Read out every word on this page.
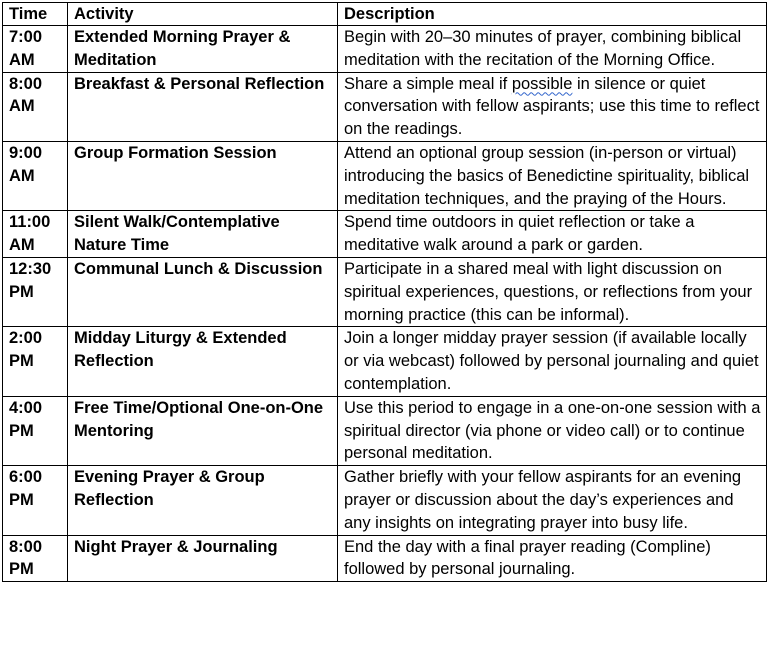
Time	Activity	Description
7:00 AM	Extended Morning Prayer & Meditation	Begin with 20–30 minutes of prayer, combining biblical meditation with the recitation of the Morning Office.
8:00 AM	Breakfast & Personal Reflection	Share a simple meal if possible in silence or quiet conversation with fellow aspirants; use this time to reflect on the readings.
9:00 AM	Group Formation Session	Attend an optional group session (in-person or virtual) introducing the basics of Benedictine spirituality, biblical meditation techniques, and the praying of the Hours.
11:00 AM	Silent Walk/Contemplative Nature Time	Spend time outdoors in quiet reflection or take a meditative walk around a park or garden.
12:30 PM	Communal Lunch & Discussion	Participate in a shared meal with light discussion on spiritual experiences, questions, or reflections from your morning practice (this can be informal).
2:00 PM	Midday Liturgy & Extended Reflection	Join a longer midday prayer session (if available locally or via webcast) followed by personal journaling and quiet contemplation.
4:00 PM	Free Time/Optional One-on-One Mentoring	Use this period to engage in a one-on-one session with a spiritual director (via phone or video call) or to continue personal meditation.
6:00 PM	Evening Prayer & Group Reflection	Gather briefly with your fellow aspirants for an evening prayer or discussion about the day’s experiences and any insights on integrating prayer into busy life.
8:00 PM	Night Prayer & Journaling	End the day with a final prayer reading (Compline) followed by personal journaling.
